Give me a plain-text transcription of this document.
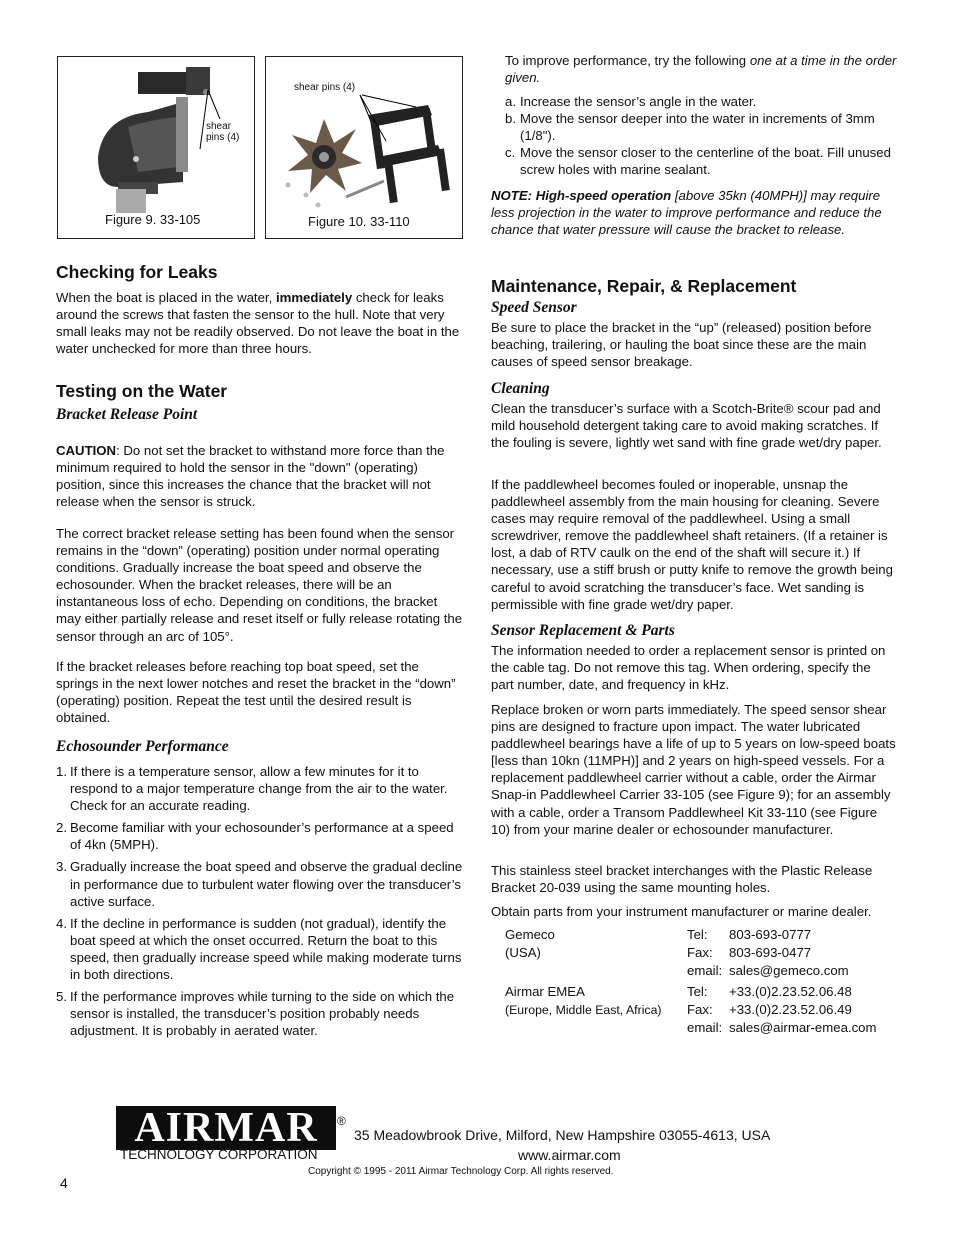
shear
pins (4)
Figure 9. 33-105
shear pins (4)
Figure 10. 33-110
Checking for Leaks

When the boat is placed in the water, immediately check for leaks around the screws that fasten the sensor to the hull. Note that very small leaks may not be readily observed. Do not leave the boat in the water unchecked for more than three hours.

Testing on the Water
Bracket Release Point

CAUTION: Do not set the bracket to withstand more force than the minimum required to hold the sensor in the "down" (operating) position, since this increases the chance that the bracket will not release when the sensor is struck.

The correct bracket release setting has been found when the sensor remains in the “down” (operating) position under normal operating conditions. Gradually increase the boat speed and observe the echosounder. When the bracket releases, there will be an instantaneous loss of echo. Depending on conditions, the bracket may either partially release and reset itself or fully release rotating the sensor through an arc of 105°.

If the bracket releases before reaching top boat speed, set the springs in the next lower notches and reset the bracket in the “down” (operating) position. Repeat the test until the desired result is obtained.

Echosounder Performance
1. If there is a temperature sensor, allow a few minutes for it to respond to a major temperature change from the air to the water. Check for an accurate reading.
2. Become familiar with your echosounder’s performance at a speed of 4kn (5MPH).
3. Gradually increase the boat speed and observe the gradual decline in performance due to turbulent water flowing over the transducer’s active surface.
4. If the decline in performance is sudden (not gradual), identify the boat speed at which the onset occurred. Return the boat to this speed, then gradually increase speed while making moderate turns in both directions.
5. If the performance improves while turning to the side on which the sensor is installed, the transducer’s position probably needs adjustment. It is probably in aerated water.

To improve performance, try the following one at a time in the order given.

a. Increase the sensor’s angle in the water.
b. Move the sensor deeper into the water in increments of 3mm (1/8").
c. Move the sensor closer to the centerline of the boat. Fill unused screw holes with marine sealant.

NOTE: High-speed operation [above 35kn (40MPH)] may require less projection in the water to improve performance and reduce the chance that water pressure will cause the bracket to release.

Maintenance, Repair, & Replacement
Speed Sensor

Be sure to place the bracket in the “up” (released) position before beaching, trailering, or hauling the boat since these are the main causes of speed sensor breakage.

Cleaning

Clean the transducer’s surface with a Scotch-Brite® scour pad and mild household detergent taking care to avoid making scratches. If the fouling is severe, lightly wet sand with fine grade wet/dry paper.

If the paddlewheel becomes fouled or inoperable, unsnap the paddlewheel assembly from the main housing for cleaning. Severe cases may require removal of the paddlewheel. Using a small screwdriver, remove the paddlewheel shaft retainers. (If a retainer is lost, a dab of RTV caulk on the end of the shaft will secure it.) If necessary, use a stiff brush or putty knife to remove the growth being careful to avoid scratching the transducer’s face. Wet sanding is permissible with fine grade wet/dry paper.

Sensor Replacement & Parts

The information needed to order a replacement sensor is printed on the cable tag. Do not remove this tag. When ordering, specify the part number, date, and frequency in kHz.

Replace broken or worn parts immediately. The speed sensor shear pins are designed to fracture upon impact. The water lubricated paddlewheel bearings have a life of up to 5 years on low-speed boats [less than 10kn (11MPH)] and 2 years on high-speed vessels. For a replacement paddlewheel carrier without a cable, order the Airmar Snap-in Paddlewheel Carrier 33-105 (see Figure 9); for an assembly with a cable, order a Transom Paddlewheel Kit 33-110 (see Figure 10) from your marine dealer or echosounder manufacturer.

This stainless steel bracket interchanges with the Plastic Release Bracket 20-039 using the same mounting holes.

Obtain parts from your instrument manufacturer or marine dealer.

Gemeco	Tel:	803-693-0777
(USA)	Fax:	803-693-0477
	email:	sales@gemeco.com

Airmar EMEA	Tel:	+33.(0)2.23.52.06.48
(Europe, Middle East, Africa)	Fax:	+33.(0)2.23.52.06.49
	email:	sales@airmar-emea.com
AIRMAR ®
TECHNOLOGY CORPORATION
35 Meadowbrook Drive, Milford, New Hampshire 03055-4613, USA
www.airmar.com
Copyright © 1995 - 2011 Airmar Technology Corp. All rights reserved.
4
